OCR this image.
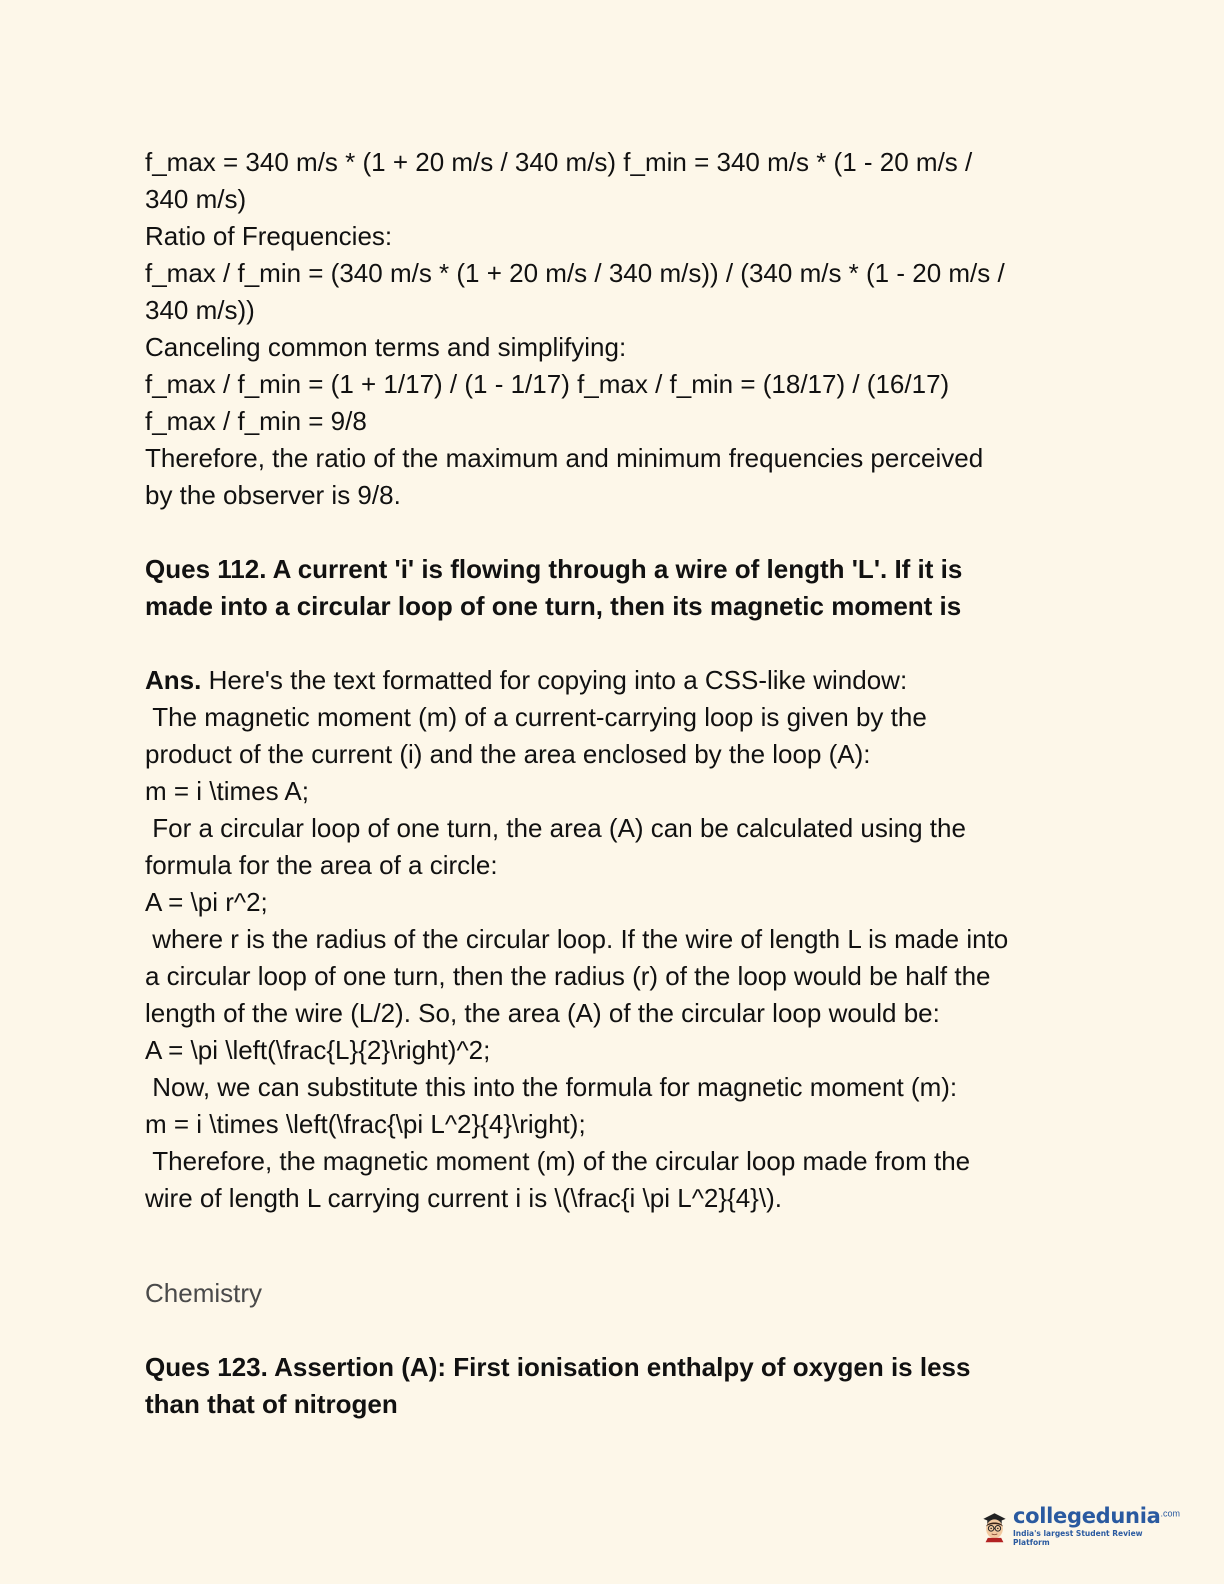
f_max = 340 m/s * (1 + 20 m/s / 340 m/s) f_min = 340 m/s * (1 - 20 m/s /

340 m/s)

Ratio of Frequencies:

f_max / f_min = (340 m/s * (1 + 20 m/s / 340 m/s)) / (340 m/s * (1 - 20 m/s /

340 m/s))

Canceling common terms and simplifying:

f_max / f_min = (1 + 1/17) / (1 - 1/17) f_max / f_min = (18/17) / (16/17)

f_max / f_min = 9/8

Therefore, the ratio of the maximum and minimum frequencies perceived

by the observer is 9/8.

Ques 112. A current 'i' is flowing through a wire of length 'L'. If it is

made into a circular loop of one turn, then its magnetic moment is

Ans. Here's the text formatted for copying into a CSS-like window:

The magnetic moment (m) of a current-carrying loop is given by the

product of the current (i) and the area enclosed by the loop (A):

m = i \times A;

For a circular loop of one turn, the area (A) can be calculated using the

formula for the area of a circle:

A = \pi r^2;

where r is the radius of the circular loop. If the wire of length L is made into

a circular loop of one turn, then the radius (r) of the loop would be half the

length of the wire (L/2). So, the area (A) of the circular loop would be:

A = \pi \left(\frac{L}{2}\right)^2;

Now, we can substitute this into the formula for magnetic moment (m):

m = i \times \left(\frac{\pi L^2}{4}\right);

Therefore, the magnetic moment (m) of the circular loop made from the

wire of length L carrying current i is \(\frac{i \pi L^2}{4}\).

Chemistry

Ques 123. Assertion (A): First ionisation enthalpy of oxygen is less

than that of nitrogen

collegedunia$^{.com}$
India's largest Student Review Platform
